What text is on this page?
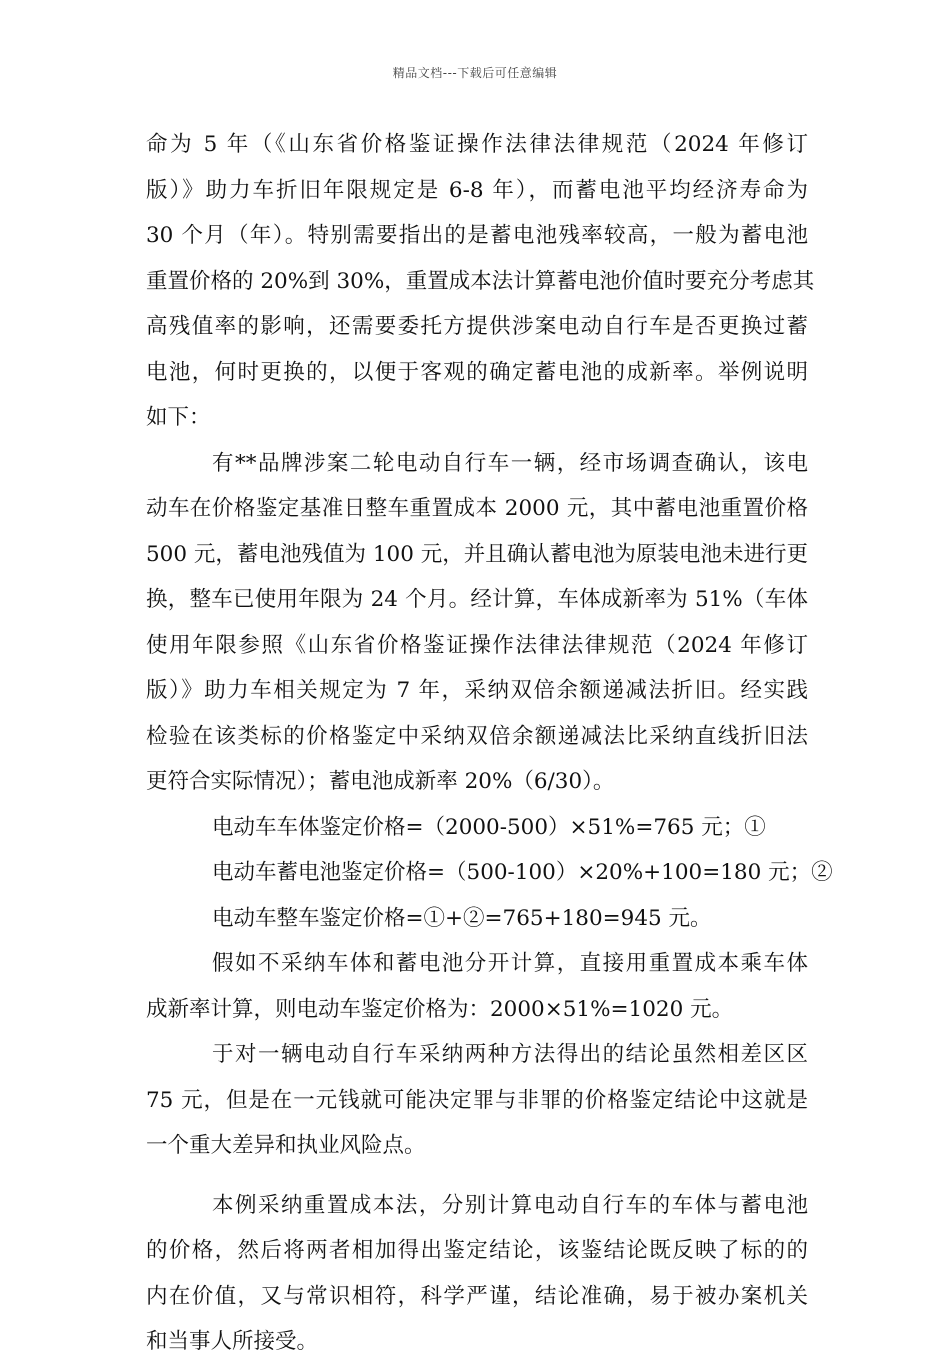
精品文档---下载后可任意编辑
命为 5 年（《山东省价格鉴证操作法律法律规范（2024 年修订
版）》助力车折旧年限规定是 6-8 年），而蓄电池平均经济寿命为
30 个月（年）。特别需要指出的是蓄电池残率较高，一般为蓄电池
重置价格的 20%到 30%，重置成本法计算蓄电池价值时要充分考虑其
高残值率的影响，还需要委托方提供涉案电动自行车是否更换过蓄
电池，何时更换的，以便于客观的确定蓄电池的成新率。举例说明
如下：
有**品牌涉案二轮电动自行车一辆，经市场调查确认，该电
动车在价格鉴定基准日整车重置成本 2000 元，其中蓄电池重置价格
500 元，蓄电池残值为 100 元，并且确认蓄电池为原装电池未进行更
换，整车已使用年限为 24 个月。经计算，车体成新率为 51%（车体
使用年限参照《山东省价格鉴证操作法律法律规范（2024 年修订
版）》助力车相关规定为 7 年，采纳双倍余额递减法折旧。经实践
检验在该类标的价格鉴定中采纳双倍余额递减法比采纳直线折旧法
更符合实际情况）；蓄电池成新率 20%（6/30）。
电动车车体鉴定价格=（2000-500）×51%=765 元；①
电动车蓄电池鉴定价格=（500-100）×20%+100=180 元；②
电动车整车鉴定价格=①+②=765+180=945 元。
假如不采纳车体和蓄电池分开计算，直接用重置成本乘车体
成新率计算，则电动车鉴定价格为：2000×51%=1020 元。
于对一辆电动自行车采纳两种方法得出的结论虽然相差区区
75 元，但是在一元钱就可能决定罪与非罪的价格鉴定结论中这就是
一个重大差异和执业风险点。
本例采纳重置成本法，分别计算电动自行车的车体与蓄电池
的价格，然后将两者相加得出鉴定结论，该鉴结论既反映了标的的
内在价值，又与常识相符，科学严谨，结论准确，易于被办案机关
和当事人所接受。
